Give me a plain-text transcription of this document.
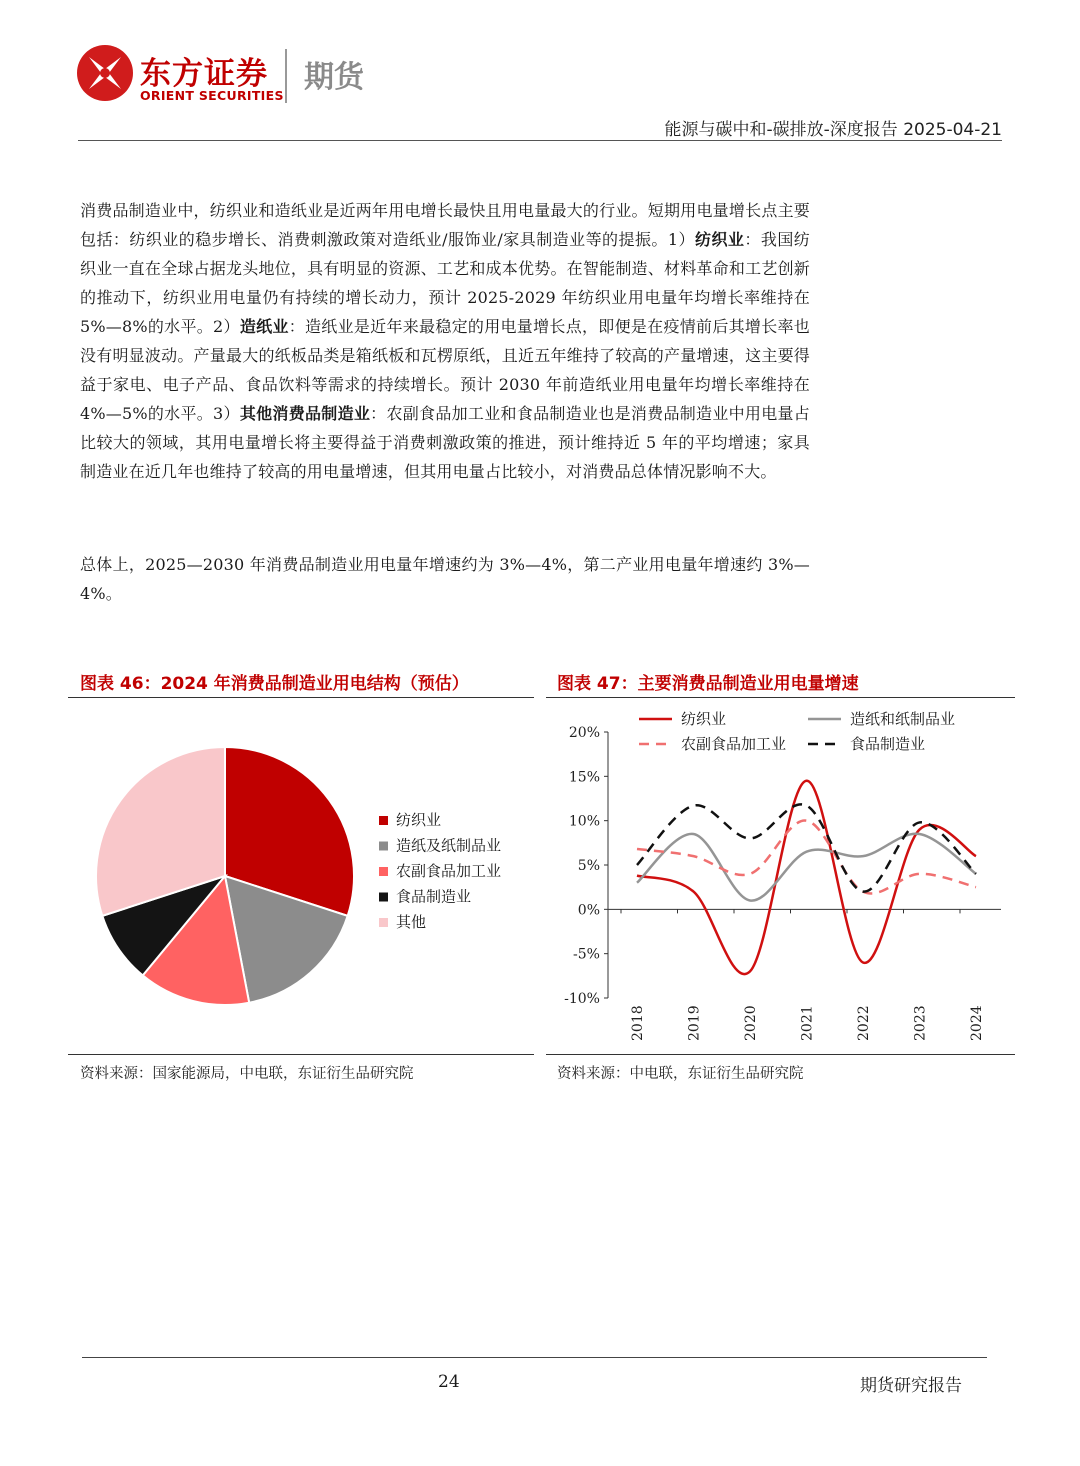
东方证券
ORIENT SECURITIES
期货
能源与碳中和-碳排放-深度报告 2025-04-21
消费品制造业中，纺织业和造纸业是近两年用电增长最快且用电量最大的行业。短期用电量增长点主要包括：纺织业的稳步增长、消费刺激政策对造纸业/服饰业/家具制造业等的提振。1）纺织业：我国纺织业一直在全球占据龙头地位，具有明显的资源、工艺和成本优势。在智能制造、材料革命和工艺创新的推动下，纺织业用电量仍有持续的增长动力，预计 2025-2029 年纺织业用电量年均增长率维持在 5%—8%的水平。2）造纸业：造纸业是近年来最稳定的用电量增长点，即便是在疫情前后其增长率也没有明显波动。产量最大的纸板品类是箱纸板和瓦楞原纸，且近五年维持了较高的产量增速，这主要得益于家电、电子产品、食品饮料等需求的持续增长。预计 2030 年前造纸业用电量年均增长率维持在 4%—5%的水平。3）其他消费品制造业：农副食品加工业和食品制造业也是消费品制造业中用电量占比较大的领域，其用电量增长将主要得益于消费刺激政策的推进，预计维持近 5 年的平均增速；家具制造业在近几年也维持了较高的用电量增速，但其用电量占比较小，对消费品总体情况影响不大。
总体上，2025—2030 年消费品制造业用电量年增速约为 3%—4%，第二产业用电量年增速约 3%—4%。
图表 46：2024 年消费品制造业用电结构（预估）
纺织业
造纸及纸制品业
农副食品加工业
食品制造业
其他
资料来源：国家能源局，中电联，东证衍生品研究院
图表 47：主要消费品制造业用电量增速
20%
15%
10%
5%
0%
-5%
-10%
2018	2019	2020	2021	2022	2023	2024
纺织业	造纸和纸制品业
农副食品加工业	食品制造业
资料来源：中电联，东证衍生品研究院
24	期货研究报告
